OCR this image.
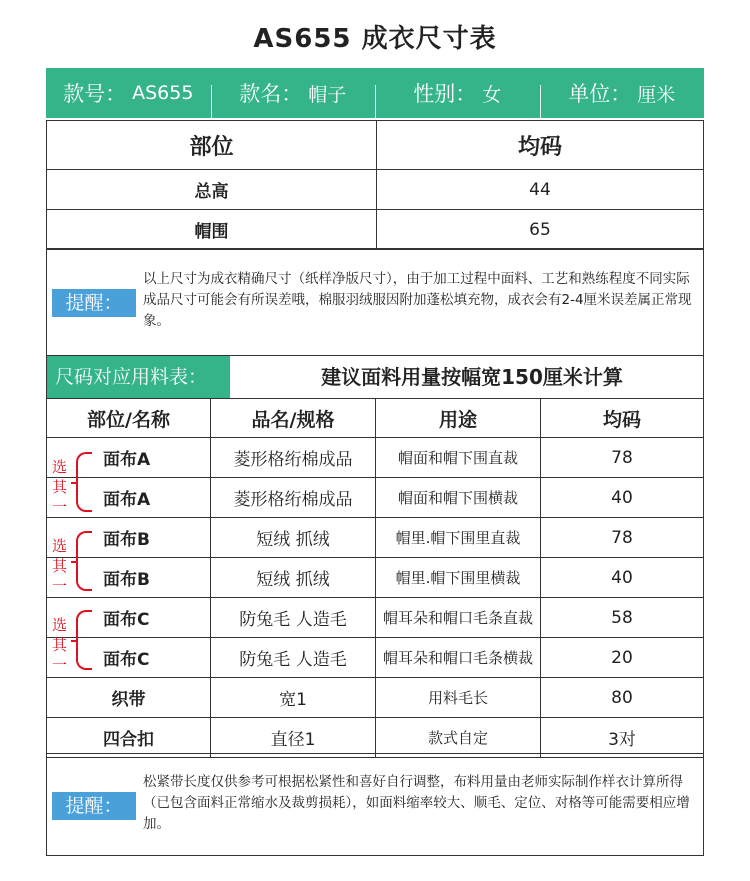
AS655 成衣尺寸表
款号： AS655 款名： 帽子	性别： 女	单位： 厘米
部位	均码
总高	44
帽围	65
提醒：
以上尺寸为成衣精确尺寸（纸样净版尺寸），由于加工过程中面料、工艺和熟练程度不同实际成品尺寸可能会有所误差哦，棉服羽绒服因附加蓬松填充物，成衣会有2-4厘米误差属正常现象。
尺码对应用料表：	建议面料用量按幅宽150厘米计算
部位/名称	品名/规格	用途	均码
面布A	菱形格绗棉成品	帽面和帽下围直裁	78
面布A	菱形格绗棉成品	帽面和帽下围横裁	40
面布B	短绒 抓绒	帽里.帽下围里直裁	78
面布B	短绒 抓绒	帽里.帽下围里横裁	40
面布C	防兔毛 人造毛	帽耳朵和帽口毛条直裁	58
面布C	防兔毛 人造毛	帽耳朵和帽口毛条横裁	20
织带	宽1	用料毛长	80
四合扣	直径1	款式自定	3对
选其一
选其一
选其一
提醒：
松紧带长度仅供参考可根据松紧性和喜好自行调整，布料用量由老师实际制作样衣计算所得（已包含面料正常缩水及裁剪损耗），如面料缩率较大、顺毛、定位、对格等可能需要相应增加。
